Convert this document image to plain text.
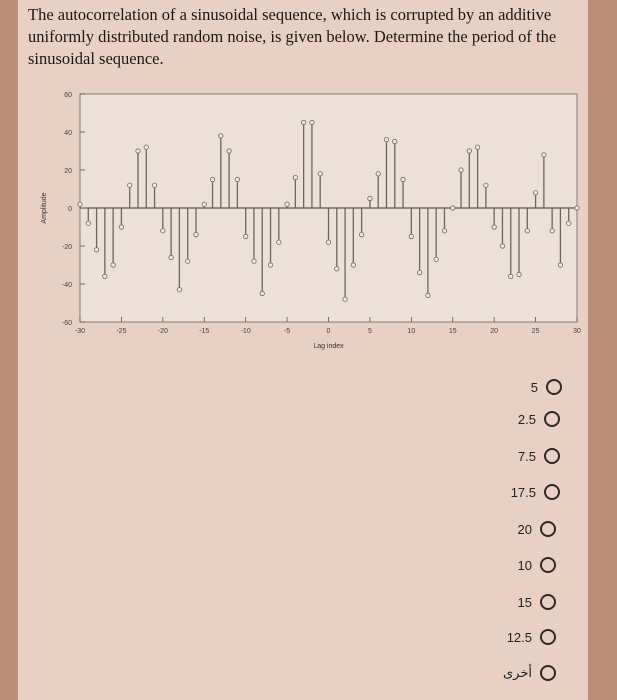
The autocorrelation of a sinusoidal sequence, which is corrupted by an additive uniformly distributed random noise, is given below. Determine the period of the sinusoidal sequence.

60
40
20
0
-20
-40
-60
-30	-25	-20	-15	-10	-5	0	5	10	15	20	25	30
Lag index
Amplitude
5
2.5
7.5
17.5
20
10
15
12.5
أخرى
